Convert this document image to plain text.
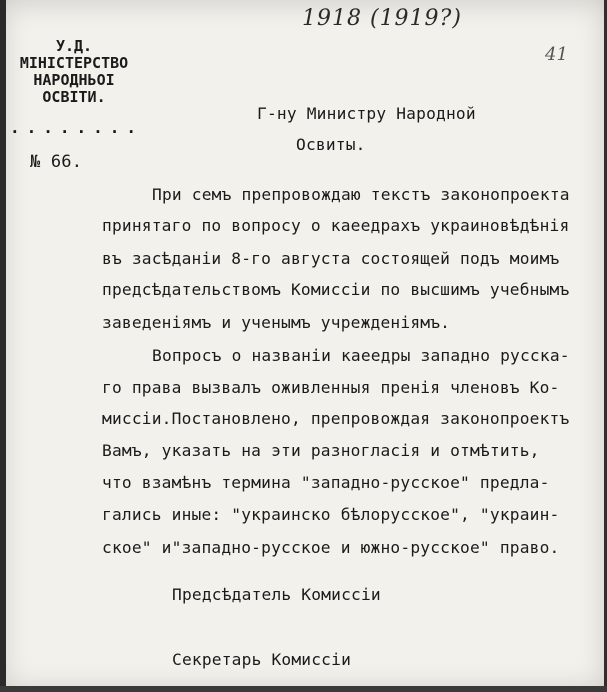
1918 (1919?)
41
У.Д.
МІНІСТЕРСТВО
НАРОДНЬОІ
ОСВІТИ.
........
№ 66.
Г-ну Министру Народной
Освиты.
При семъ препровождаю текстъ законопроекта
принятаго по вопросу о каеедрахъ украиновѣдѣнія
въ засѣданіи 8-го августа состоящей подъ моимъ
предсѣдательствомъ Комиссіи по высшимъ учебнымъ
заведеніямъ и ученымъ учрежденіямъ.
Вопросъ о названіи каеедры западно русска-
го права вызвалъ оживленныя пренія членовъ Ко-
миссіи.Постановлено, препровождая законопроектъ
Вамъ, указать на эти разногласія и отмѣтить,
что взамѣнъ термина "западно-русское" предла-
гались иные: "украинско бѣлорусское", "украин-
ское" и"западно-русское и южно-русское" право.
Предсѣдатель Комиссіи
Секретарь Комиссіи
